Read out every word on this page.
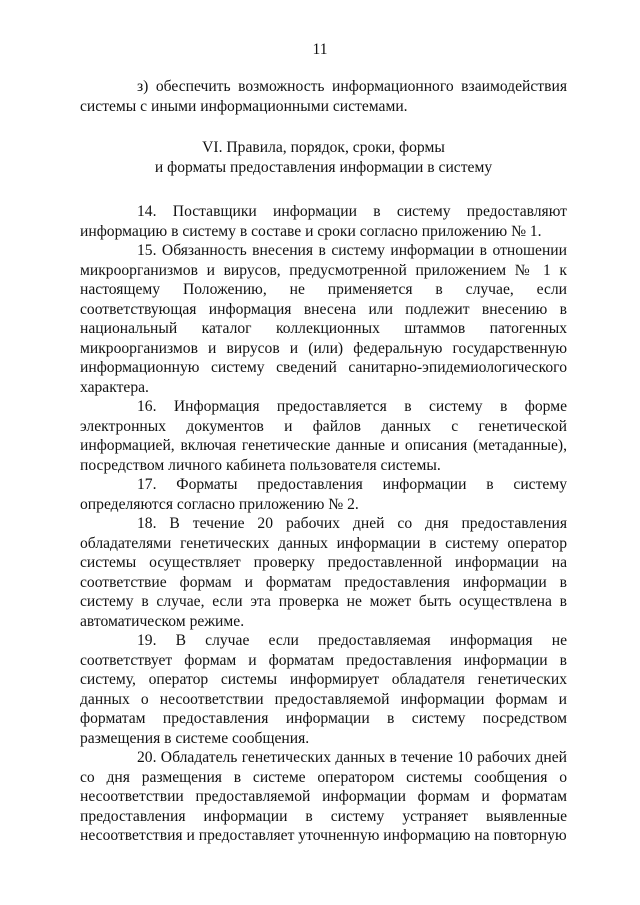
11

з) обеспечить возможность информационного взаимодействия системы с иными информационными системами.

VI. Правила, порядок, сроки, формы
и форматы предоставления информации в систему

14. Поставщики информации в систему предоставляют информацию в систему в составе и сроки согласно приложению № 1.

15. Обязанность внесения в систему информации в отношении микроорганизмов и вирусов, предусмотренной приложением № 1 к настоящему Положению, не применяется в случае, если соответствующая информация внесена или подлежит внесению в национальный каталог коллекционных штаммов патогенных микроорганизмов и вирусов и (или) федеральную государственную информационную систему сведений санитарно-эпидемиологического характера.

16. Информация предоставляется в систему в форме электронных документов и файлов данных с генетической информацией, включая генетические данные и описания (метаданные), посредством личного кабинета пользователя системы.

17. Форматы предоставления информации в систему определяются согласно приложению № 2.

18. В течение 20 рабочих дней со дня предоставления обладателями генетических данных информации в систему оператор системы осуществляет проверку предоставленной информации на соответствие формам и форматам предоставления информации в систему в случае, если эта проверка не может быть осуществлена в автоматическом режиме.

19. В случае если предоставляемая информация не соответствует формам и форматам предоставления информации в систему, оператор системы информирует обладателя генетических данных о несоответствии предоставляемой информации формам и форматам предоставления информации в систему посредством размещения в системе сообщения.

20. Обладатель генетических данных в течение 10 рабочих дней со дня размещения в системе оператором системы сообщения о несоответствии предоставляемой информации формам и форматам предоставления информации в систему устраняет выявленные несоответствия и предоставляет уточненную информацию на повторную
